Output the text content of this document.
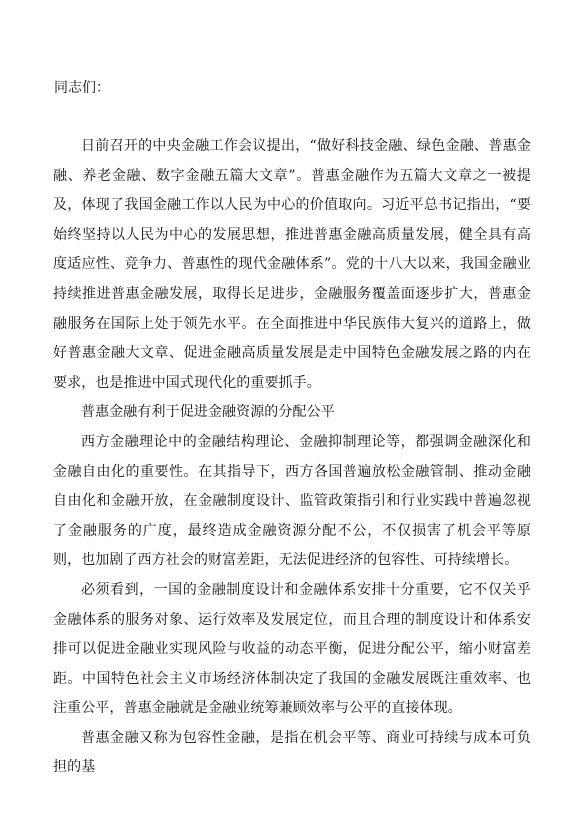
同志们：

日前召开的中央金融工作会议提出，“做好科技金融、绿色金融、普惠金融、养老金融、数字金融五篇大文章”。普惠金融作为五篇大文章之一被提及，体现了我国金融工作以人民为中心的价值取向。习近平总书记指出，“要始终坚持以人民为中心的发展思想，推进普惠金融高质量发展，健全具有高度适应性、竞争力、普惠性的现代金融体系”。党的十八大以来，我国金融业持续推进普惠金融发展，取得长足进步，金融服务覆盖面逐步扩大，普惠金融服务在国际上处于领先水平。在全面推进中华民族伟大复兴的道路上，做好普惠金融大文章、促进金融高质量发展是走中国特色金融发展之路的内在要求，也是推进中国式现代化的重要抓手。

普惠金融有利于促进金融资源的分配公平

西方金融理论中的金融结构理论、金融抑制理论等，都强调金融深化和金融自由化的重要性。在其指导下，西方各国普遍放松金融管制、推动金融自由化和金融开放，在金融制度设计、监管政策指引和行业实践中普遍忽视了金融服务的广度，最终造成金融资源分配不公，不仅损害了机会平等原则，也加剧了西方社会的财富差距，无法促进经济的包容性、可持续增长。

必须看到，一国的金融制度设计和金融体系安排十分重要，它不仅关乎金融体系的服务对象、运行效率及发展定位，而且合理的制度设计和体系安排可以促进金融业实现风险与收益的动态平衡，促进分配公平，缩小财富差距。中国特色社会主义市场经济体制决定了我国的金融发展既注重效率、也注重公平，普惠金融就是金融业统筹兼顾效率与公平的直接体现。

普惠金融又称为包容性金融，是指在机会平等、商业可持续与成本可负担的基
